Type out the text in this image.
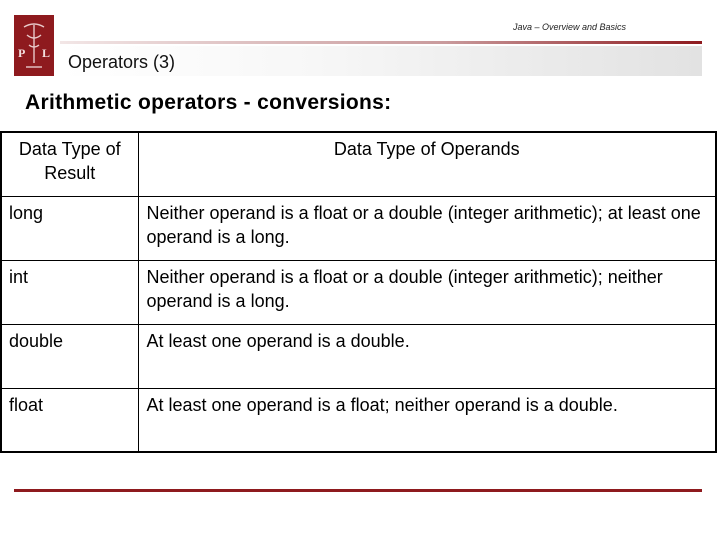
P L
Java – Overview and Basics
Operators (3)
Arithmetic operators - conversions:
Data Type of Result	Data Type of Operands
long	Neither operand is a float or a double (integer arithmetic); at least one operand is a long.
int	Neither operand is a float or a double (integer arithmetic); neither operand is a long.
double	At least one operand is a double.
float	At least one operand is a float; neither operand is a double.
